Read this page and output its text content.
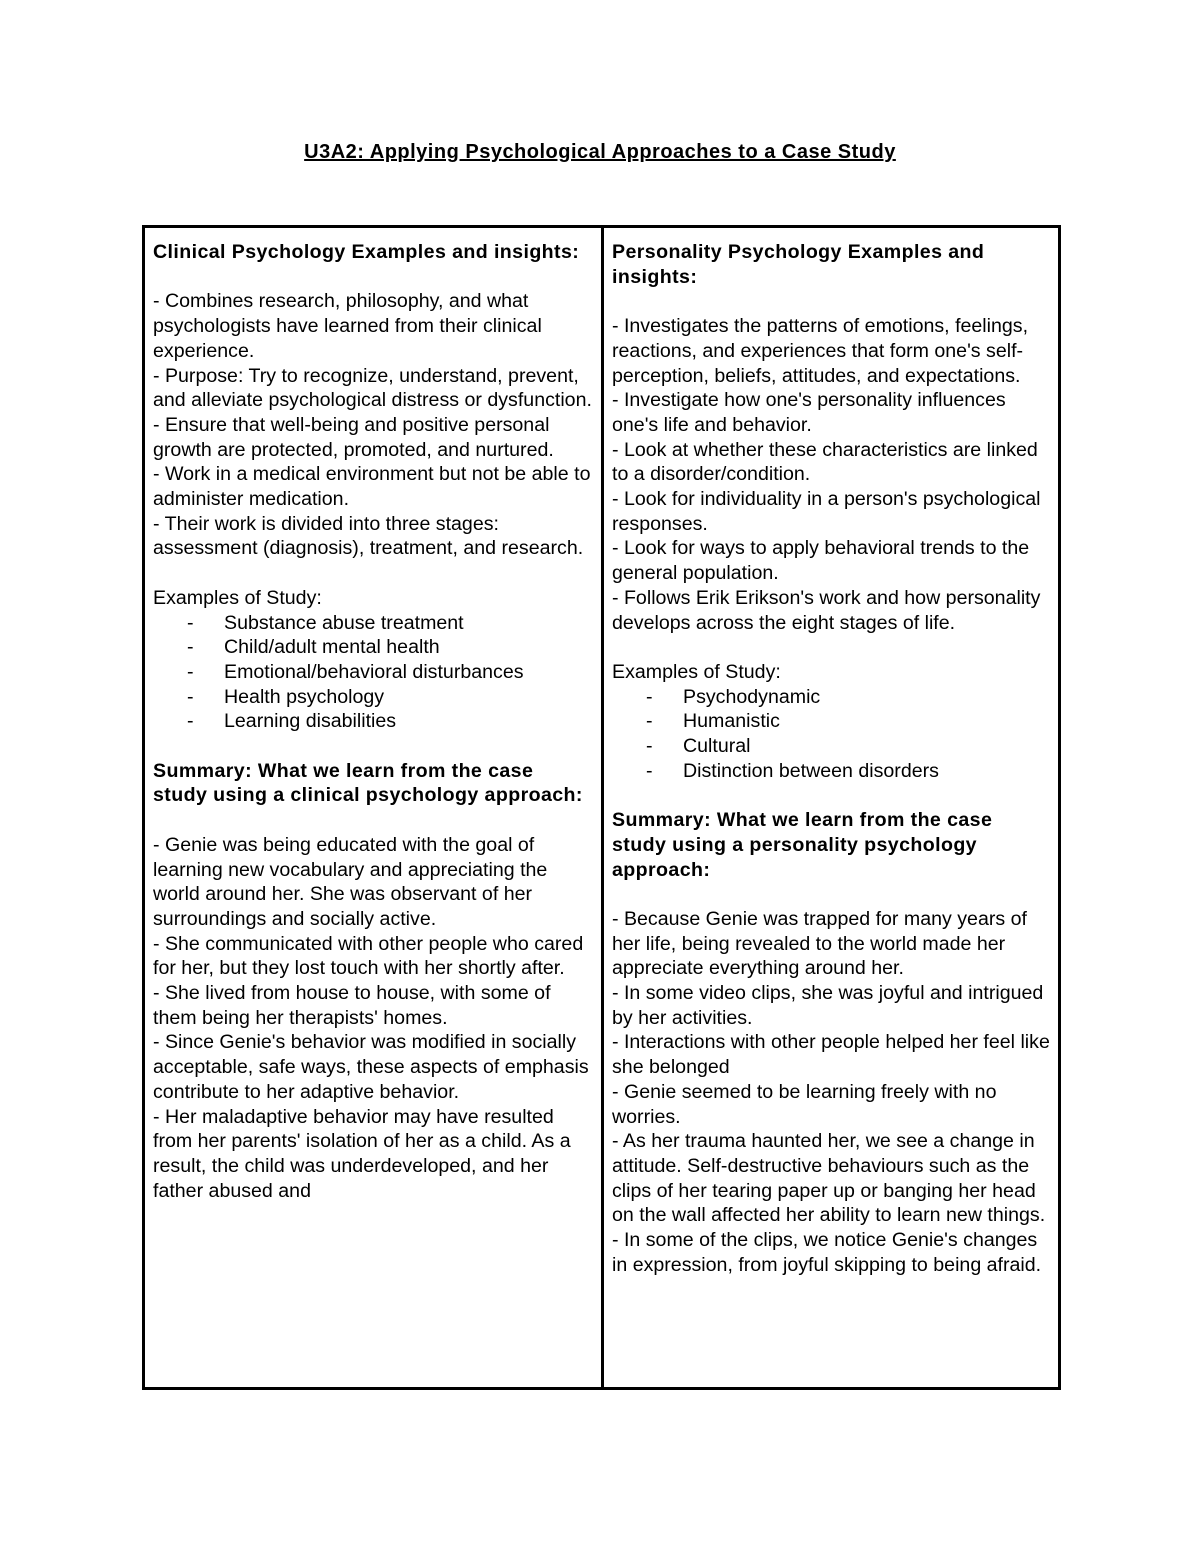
U3A2: Applying Psychological Approaches to a Case Study
Clinical Psychology Examples and insights:

- Combines research, philosophy, and what psychologists have learned from their clinical experience.

- Purpose: Try to recognize, understand, prevent, and alleviate psychological distress or dysfunction.

- Ensure that well-being and positive personal growth are protected, promoted, and nurtured.

- Work in a medical environment but not be able to administer medication.

- Their work is divided into three stages: assessment (diagnosis), treatment, and research.

Examples of Study:

- Substance abuse treatment
- Child/adult mental health
- Emotional/behavioral disturbances
- Health psychology
- Learning disabilities
Summary: What we learn from the case study using a clinical psychology approach:

- Genie was being educated with the goal of learning new vocabulary and appreciating the world around her. She was observant of her surroundings and socially active.

- She communicated with other people who cared for her, but they lost touch with her shortly after.

- She lived from house to house, with some of them being her therapists' homes.

- Since Genie's behavior was modified in socially acceptable, safe ways, these aspects of emphasis contribute to her adaptive behavior.

- Her maladaptive behavior may have resulted from her parents' isolation of her as a child. As a result, the child was underdeveloped, and her father abused and

Personality Psychology Examples and insights:

- Investigates the patterns of emotions, feelings, reactions, and experiences that form one's self-perception, beliefs, attitudes, and expectations.

- Investigate how one's personality influences one's life and behavior.

- Look at whether these characteristics are linked to a disorder/condition.

- Look for individuality in a person's psychological responses.

- Look for ways to apply behavioral trends to the general population.

- Follows Erik Erikson's work and how personality develops across the eight stages of life.

Examples of Study:

- Psychodynamic
- Humanistic
- Cultural
- Distinction between disorders
Summary: What we learn from the case study using a personality psychology approach:

- Because Genie was trapped for many years of her life, being revealed to the world made her appreciate everything around her.

- In some video clips, she was joyful and intrigued by her activities.

- Interactions with other people helped her feel like she belonged

- Genie seemed to be learning freely with no worries.

- As her trauma haunted her, we see a change in attitude. Self-destructive behaviours such as the clips of her tearing paper up or banging her head on the wall affected her ability to learn new things.

- In some of the clips, we notice Genie's changes in expression, from joyful skipping to being afraid.
